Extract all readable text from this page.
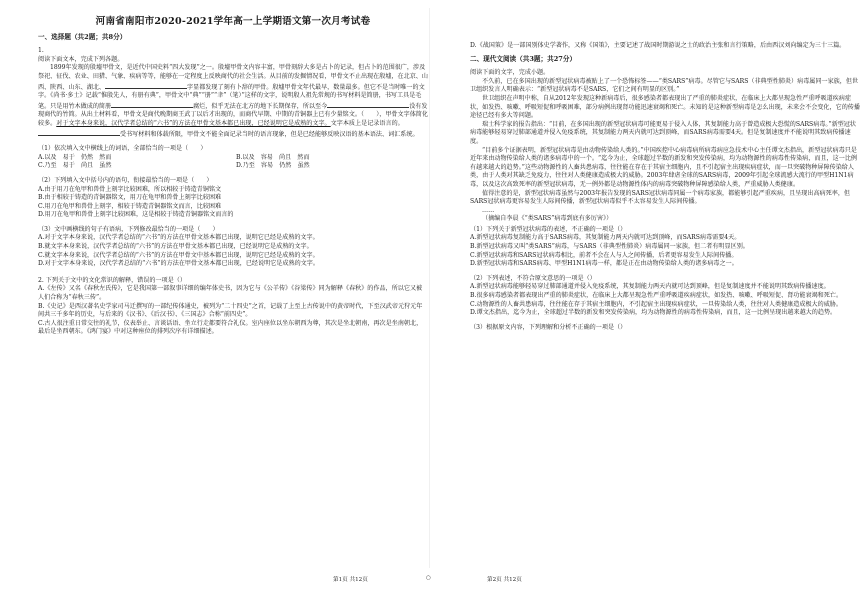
河南省南阳市2020-2021学年高一上学期语文第一次月考试卷
一、选择题（共2题；共8分）
1.
阅读下面文本，完成下列各题。
1899年发现的殷墟甲骨文，是近代中国史料“四大发现”之一。殷墟甲骨文内容丰富，甲骨刻辞大多是占卜的记录，但占卜的范围很广，涉及祭祀、征伐、农业、田猎、气象、疾病等等，能够在一定程度上反映商代的社会生活。从目前的发掘情况看，甲骨文不止出现在殷墟，在北京、山西、陕西、山东、湖北、	字显都发现了刻有卜辞的甲骨。殷墟甲骨文年代最早，数量最多。但它不是当时唯一的文字。《尚书·多士》记载“惟殷先人，有册有典”，甲骨文中“典”“册”“聿”（笔）”这样的文字，说明殷人祖先常规的书写材料是简册，书写工具是毛笔。只是用竹木做成的简册	腐烂，似乎无法在北方的地下长期保存，所以至今	没有发现商代的竹简。从出土材料看，甲骨文是商代晚期商王武丁以后才出现的，而商代早期、中期的青铜器上已有少量铭文。（　　），甲骨文字体简化较多。对于文字本身来说，汉代学者总结的“六书”的方法在甲骨文基本都已出现，已经说明它是成熟的文字。文字本质上是记录语言的。受书写材料和体载所限，甲骨文不能全面记录当时的语言现象，但是已经能够反映汉语的基本语法、词汇系统。
（1）依次填入文中横线上的词语，全部恰当的一项是（　　）
A.以及　易于　仍然　然而	B.以及　容易　尚且　然而
C.乃至　易于　尚且　虽然	D.乃至　容易　仍然　虽然
（2）下列填入文中括号内的语句，衔接最恰当的一项是（　　）
A.由于用刀在龟甲和兽骨上刻字比较困难，所以相较于铸造青铜铭文
B.由于相较于铸造的青铜器铭文，用刀在龟甲和兽骨上刻字比较困难
C.用刀在龟甲和兽骨上刻字，相较于铸造青铜器铭文而言，比较困难
D.用刀在龟甲和兽骨上刻字比较困难，这是相较于铸造青铜器铭文而言的
（3）文中画横线的句子有语病，下列修改最恰当的一项是（　　）
A.对于文字本身来说，汉代学者总结的“六书”的方法在甲骨文基本都已出现，说明它已经是成熟的文字。
B.就文字本身来说，汉代学者总结的“六书”的方法在甲骨文基本都已出现，已经说明它是成熟的文字。
C.就文字本身来说，汉代学者总结的“六书”的方法在甲骨文中基本都已出现，说明它已经是成熟的文字。
D.对于文字本身来说，汉代学者总结的“六书”的方法在甲骨文基本都已出现，已经说明它是成熟的文字。
2. 下列关于文中的文化常识的解释，错误的一项是（）
A.《左传》又名《春秋左氏传》，它是我国第一部叙事详细的编年体史书，因为它与《公羊传》《谷梁传》同为解释《春秋》的作品，所以它又被人们合称为“春秋三传”。
B.《史记》是西汉著名史学家司马迁撰写的一部纪传体通史，被列为“二十四史”之首，记载了上至上古传说中的黄帝时代，下至汉武帝元狩元年间共三千多年的历史，与后来的《汉书》、《后汉书》、《三国志》合称“前四史”。
C.古人很注重日常交往的礼节，仪表举止、言谈话语、坐立行走都要符合礼仪。室内座位以坐东朝西为尊，其次是坐北朝南，再次是坐南朝北，最后是坐西朝东。《鸿门宴》中对这种座位的排列次序有详细描述。
D.《战国策》是一部国别体史学著作，又称《国策》，主要记述了战国时期游说之士的政治主张和言行策略，后由西汉刘向编定为三十三篇。
二、现代文阅读（共3题；共27分）
阅读下面的文字，完成小题。
不久前，已在多国出现的新型冠状病毒被贴上了一个恐怖标签——“类SARS”病毒。尽管它与SARS（非典型性肺炎）病毒属同一家族，但世卫组织发言人明确表示：“新型冠状病毒不是SARS，它们之间有明显的区别。”
世卫组织在声明中称，自从2012年发现这种新病毒后，很多感染者都表现出了严重的肺炎症状，在临床上大都呈现急性严重呼吸道疾病症状，如发热、咳嗽、呼吸短促和呼吸困难，部分病例出现肾功能迅速衰竭和死亡。未知的是这种新型病毒是怎么出现，未来会不会变化，它的传播途径已经有多大等问题。
瑞士科学家的报告指出：“目前，在多国出现的新型冠状病毒可能更易于侵入人体，其复制能力高于曾造成极大恐慌的SARS病毒。”新型冠状病毒能够轻易穿过肺部通道并侵入免疫系统，其复制能力两天内就可达到顶峰，而SARS病毒需要4天。但是复制速度并不能说明其致病传播速度。
“目前多个证据表明，新型冠状病毒是由动物传染给人类的。”中国疾控中心病毒病所病毒病应急技术中心主任谭文杰指出，新型冠状病毒只是近年来由动物传染给人类的诸多病毒中的一个。“迄今为止，全球超过半数的新发和突发传染病，均为动物源性的病毒性传染病，而且，这一比例有越来越大的趋势。”这些动物源性的人畜共患病毒，往往能在存在于其宿主细胞内，且不引起宿主出现疾病症状，而一旦突破物种屏障传染给人类，由于人类对其缺乏免疫力，往往对人类健康造成极大的威胁。2003年肆虐全球的SARS病毒，2009年引起全球流感大流行的甲型H1N1病毒，以及这次高致死率的新型冠状病毒，无一例外都是动物源性体内的病毒突破物种屏障感染给人类，严重威胁人类健康。
值得注意的是，新型冠状病毒虽然与2003年报告发现的SARS冠状病毒同属一个病毒家族，都能够引起严重疾病，且呈现出高病死率，但SARS冠状病毒更容易发生人际间传播，新型冠状病毒似乎不太容易发生人际间传播。
……
（摘编自李晨《“类SARS”病毒到底有多厉害》）
（1）下列关于新型冠状病毒的表述，不正确的一项是（）
A.新型冠状病毒复制能力高于SARS病毒，其复制能力两天内就可达到顶峰，而SARS病毒需要4天。
B.新型冠状病毒又叫“类SARS”病毒，与SARS（非典型性肺炎）病毒属同一家族，但二者有明显区别。
C.新型冠状病毒和SARS冠状病毒相比，前者不会在人与人之间传播，后者更容易发生人际间传播。
D.新型冠状病毒和SARS病毒、甲型H1N1病毒一样，都是正在由动物传染给人类的诸多病毒之一。
（2）下列表述，不符合原文意思的一项是（）
A.新型冠状病毒能够轻易穿过肺部通道并侵入免疫系统，其复制能力两天内就可达到顶峰，但是复制速度并不能说明其致病传播速度。
B.很多病毒感染者都表现出严重的肺炎症状，在临床上大都呈现急性严重呼吸道疾病症状，如发热、咳嗽、呼吸短促、肾功能衰竭和死亡。
C.动物源性的人畜共患病毒，往往能在存于其宿主细胞内，不引起宿主出现疾病症状，一旦传染给人类，往往对人类健康造成极大的威胁。
D.谭文杰指出，迄今为止，全球超过半数的新发和突发传染病，均为动物源性的病毒性传染病，而且，这一比例呈现出越来越大的趋势。
（3）根据原文内容，下列理解和分析不正确的一项是（）
第1页 共12页	○	第2页 共12页
